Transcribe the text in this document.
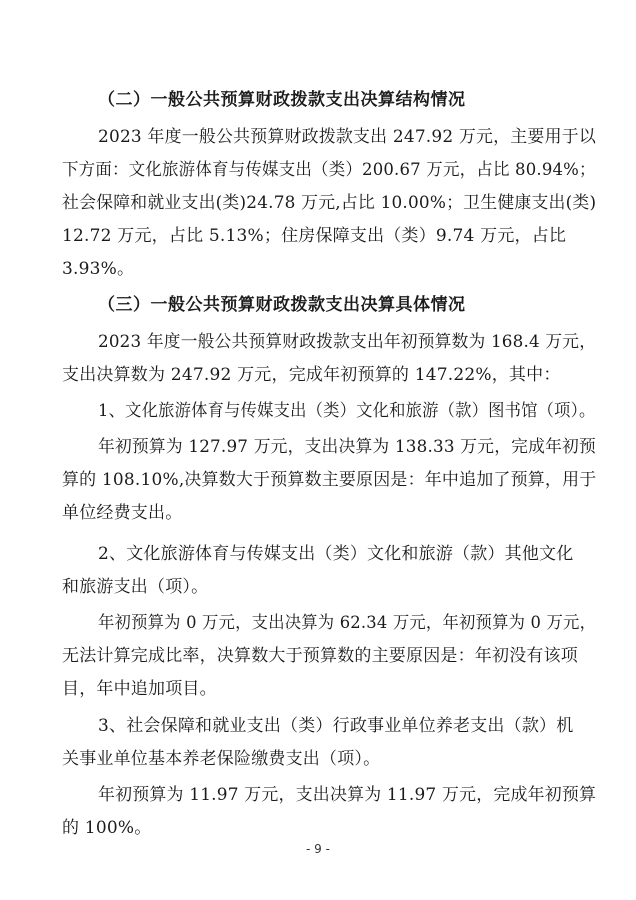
（二）一般公共预算财政拨款支出决算结构情况
2023 年度一般公共预算财政拨款支出 247.92 万元，主要用于以
下方面：文化旅游体育与传媒支出（类）200.67 万元，占比 80.94%；
社会保障和就业支出(类)24.78 万元,占比 10.00%；卫生健康支出(类)
12.72 万元，占比 5.13%；住房保障支出（类）9.74 万元，占比
3.93%。
（三）一般公共预算财政拨款支出决算具体情况
2023 年度一般公共预算财政拨款支出年初预算数为 168.4 万元，
支出决算数为 247.92 万元，完成年初预算的 147.22%，其中：
1、文化旅游体育与传媒支出（类）文化和旅游（款）图书馆（项）。
年初预算为 127.97 万元，支出决算为 138.33 万元，完成年初预
算的 108.10%,决算数大于预算数主要原因是：年中追加了预算，用于
单位经费支出。
2、文化旅游体育与传媒支出（类）文化和旅游（款）其他文化
和旅游支出（项）。
年初预算为 0 万元，支出决算为 62.34 万元，年初预算为 0 万元，
无法计算完成比率，决算数大于预算数的主要原因是：年初没有该项
目，年中追加项目。
3、社会保障和就业支出（类）行政事业单位养老支出（款）机
关事业单位基本养老保险缴费支出（项）。
年初预算为 11.97 万元，支出决算为 11.97 万元，完成年初预算
的 100%。
- 9 -
